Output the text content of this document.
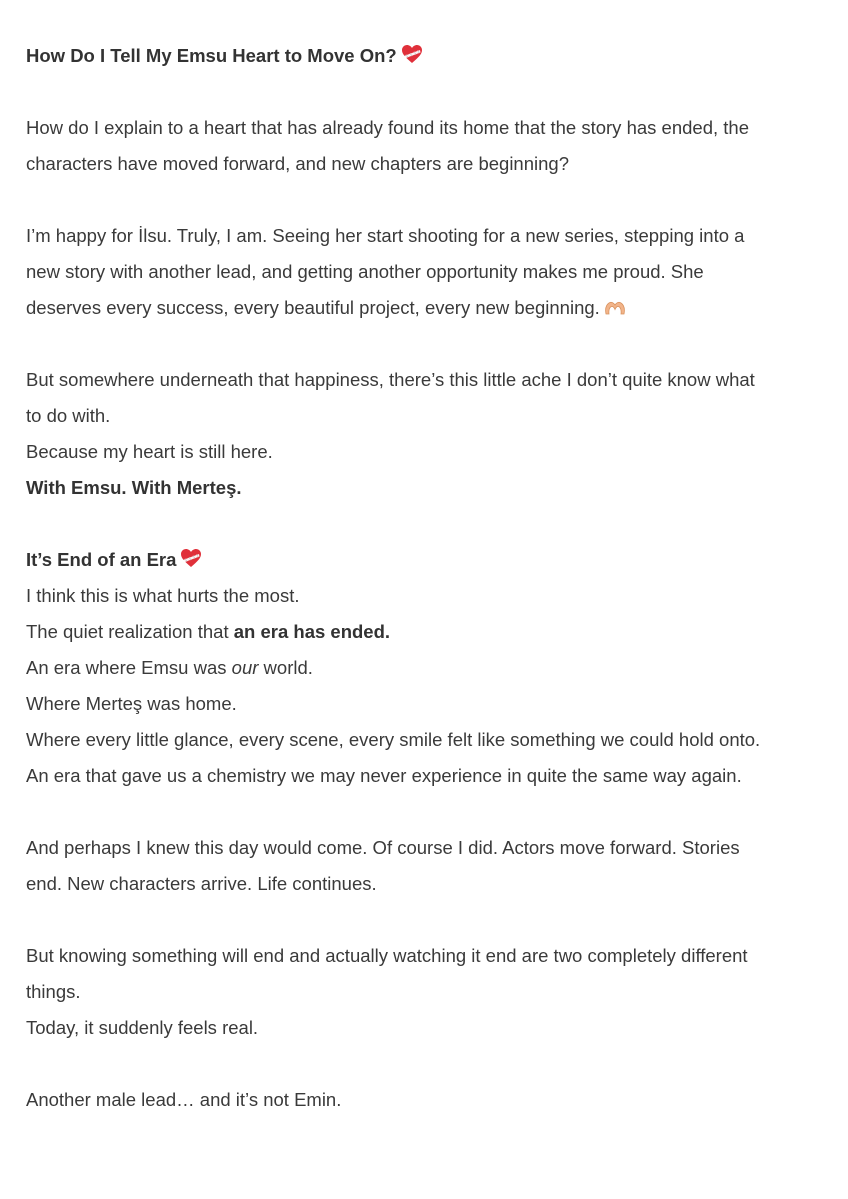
How Do I Tell My Emsu Heart to Move On?
How do I explain to a heart that has already found its home that the story has ended, the
characters have moved forward, and new chapters are beginning?
I’m happy for İlsu. Truly, I am. Seeing her start shooting for a new series, stepping into a
new story with another lead, and getting another opportunity makes me proud. She
deserves every success, every beautiful project, every new beginning.
But somewhere underneath that happiness, there’s this little ache I don’t quite know what
to do with.
Because my heart is still here.
With Emsu. With Merteş.
It’s End of an Era
I think this is what hurts the most.
The quiet realization that an era has ended.
An era where Emsu was our world.
Where Merteş was home.
Where every little glance, every scene, every smile felt like something we could hold onto.
An era that gave us a chemistry we may never experience in quite the same way again.
And perhaps I knew this day would come. Of course I did. Actors move forward. Stories
end. New characters arrive. Life continues.
But knowing something will end and actually watching it end are two completely different
things.
Today, it suddenly feels real.
Another male lead… and it’s not Emin.
